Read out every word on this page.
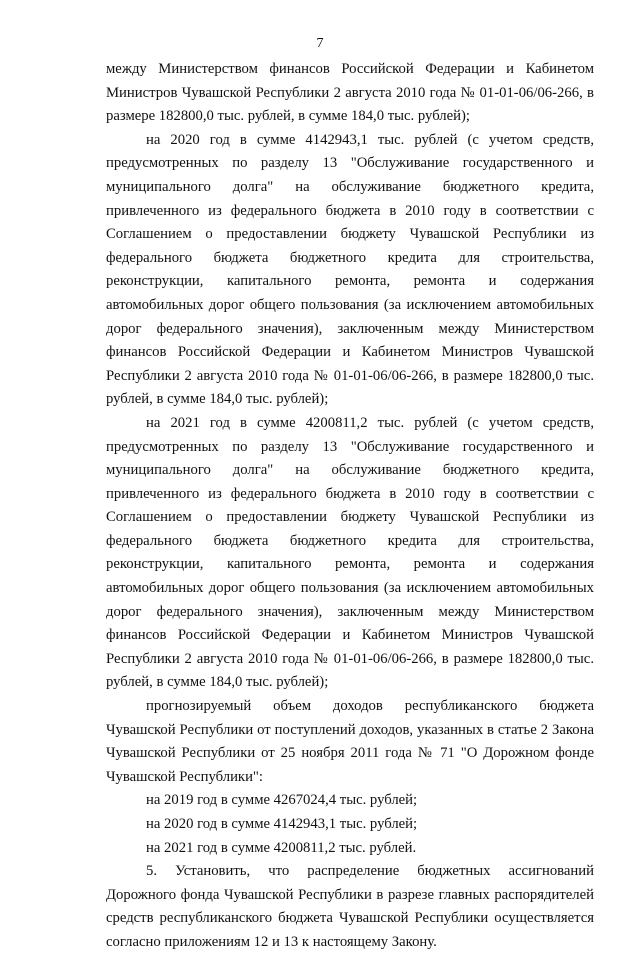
7

между Министерством финансов Российской Федерации и Кабинетом Министров Чувашской Республики 2 августа 2010 года № 01-01-06/06-266, в размере 182800,0 тыс. рублей, в сумме 184,0 тыс. рублей);

на 2020 год в сумме 4142943,1 тыс. рублей (с учетом средств, предусмотренных по разделу 13 "Обслуживание государственного и муниципального долга" на обслуживание бюджетного кредита, привлеченного из федерального бюджета в 2010 году в соответствии с Соглашением о предоставлении бюджету Чувашской Республики из федерального бюджета бюджетного кредита для строительства, реконструкции, капитального ремонта, ремонта и содержания автомобильных дорог общего пользования (за исключением автомобильных дорог федерального значения), заключенным между Министерством финансов Российской Федерации и Кабинетом Министров Чувашской Республики 2 августа 2010 года № 01-01-06/06-266, в размере 182800,0 тыс. рублей, в сумме 184,0 тыс. рублей);

на 2021 год в сумме 4200811,2 тыс. рублей (с учетом средств, предусмотренных по разделу 13 "Обслуживание государственного и муниципального долга" на обслуживание бюджетного кредита, привлеченного из федерального бюджета в 2010 году в соответствии с Соглашением о предоставлении бюджету Чувашской Республики из федерального бюджета бюджетного кредита для строительства, реконструкции, капитального ремонта, ремонта и содержания автомобильных дорог общего пользования (за исключением автомобильных дорог федерального значения), заключенным между Министерством финансов Российской Федерации и Кабинетом Министров Чувашской Республики 2 августа 2010 года № 01-01-06/06-266, в размере 182800,0 тыс. рублей, в сумме 184,0 тыс. рублей);

прогнозируемый объем доходов республиканского бюджета Чувашской Республики от поступлений доходов, указанных в статье 2 Закона Чувашской Республики от 25 ноября 2011 года № 71 "О Дорожном фонде Чувашской Республики":

на 2019 год в сумме 4267024,4 тыс. рублей;

на 2020 год в сумме 4142943,1 тыс. рублей;

на 2021 год в сумме 4200811,2 тыс. рублей.

5. Установить, что распределение бюджетных ассигнований Дорожного фонда Чувашской Республики в разрезе главных распорядителей средств республиканского бюджета Чувашской Республики осуществляется согласно приложениям 12 и 13 к настоящему Закону.
